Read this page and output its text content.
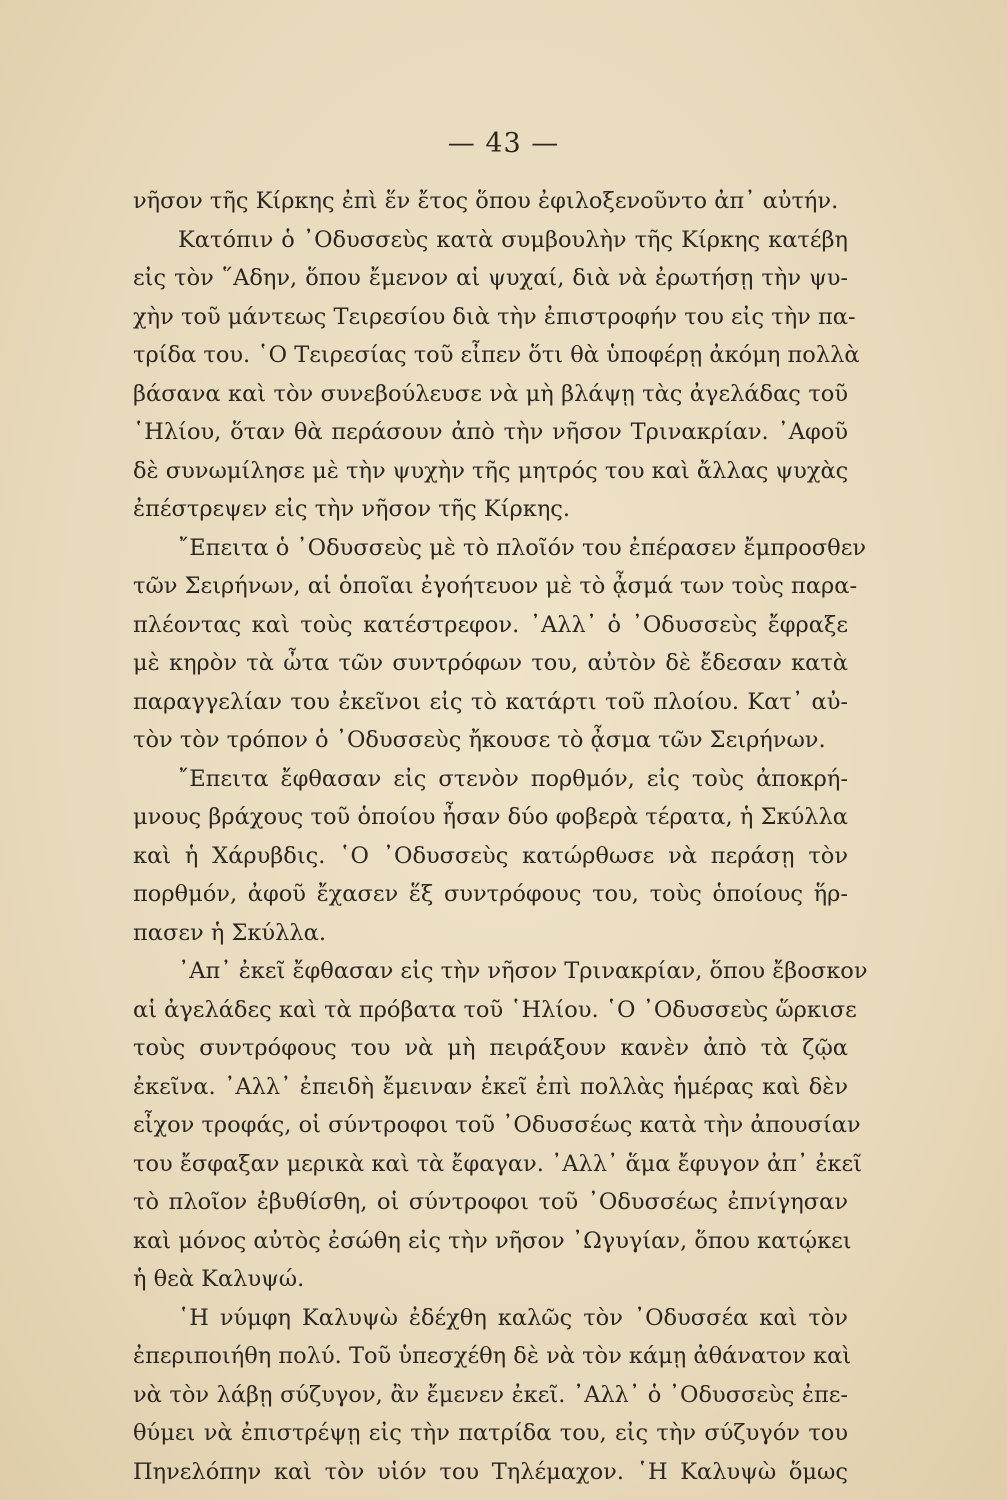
— 43 —
νῆσον τῆς Κίρκης ἐπὶ ἕν ἔτος ὅπου ἐφιλοξενοῦντο ἀπ᾽ αὐτήν.
Κατόπιν ὁ ᾿Οδυσσεὺς κατὰ συμβουλὴν τῆς Κίρκης κατέβη
εἰς τὸν ῞Αδην, ὅπου ἔμενον αἱ ψυχαί, διὰ νὰ ἐρωτήσῃ τὴν ψυ-
χὴν τοῦ μάντεως Τειρεσίου διὰ τὴν ἐπιστροφήν του εἰς τὴν πα-
τρίδα του. ῾Ο Τειρεσίας τοῦ εἶπεν ὅτι θὰ ὑποφέρῃ ἀκόμη πολλὰ
βάσανα καὶ τὸν συνεβούλευσε νὰ μὴ βλάψῃ τὰς ἀγελάδας τοῦ
῾Ηλίου, ὅταν θὰ περάσουν ἀπὸ τὴν νῆσον Τρινακρίαν. ᾿Αφοῦ
δὲ συνωμίλησε μὲ τὴν ψυχὴν τῆς μητρός του καὶ ἄλλας ψυχὰς
ἐπέστρεψεν εἰς τὴν νῆσον τῆς Κίρκης.
῎Επειτα ὁ ᾿Οδυσσεὺς μὲ τὸ πλοῖόν του ἐπέρασεν ἔμπροσθεν
τῶν Σειρήνων, αἱ ὁποῖαι ἐγοήτευον μὲ τὸ ᾆσμά των τοὺς παρα-
πλέοντας καὶ τοὺς κατέστρεφον. ᾿Αλλ᾽ ὁ ᾿Οδυσσεὺς ἔφραξε
μὲ κηρὸν τὰ ὦτα τῶν συντρόφων του, αὐτὸν δὲ ἔδεσαν κατὰ
παραγγελίαν του ἐκεῖνοι εἰς τὸ κατάρτι τοῦ πλοίου. Κατ᾽ αὐ-
τὸν τὸν τρόπον ὁ ᾿Οδυσσεὺς ἤκουσε τὸ ᾆσμα τῶν Σειρήνων.
῎Επειτα ἔφθασαν εἰς στενὸν πορθμόν, εἰς τοὺς ἀποκρή-
μνους βράχους τοῦ ὁποίου ἦσαν δύο φοβερὰ τέρατα, ἡ Σκύλλα
καὶ ἡ Χάρυβδις. ῾Ο ᾿Οδυσσεὺς κατώρθωσε νὰ περάσῃ τὸν
πορθμόν, ἀφοῦ ἔχασεν ἕξ συντρόφους του, τοὺς ὁποίους ἥρ-
πασεν ἡ Σκύλλα.
᾿Απ᾽ ἐκεῖ ἔφθασαν εἰς τὴν νῆσον Τρινακρίαν, ὅπου ἔβοσκον
αἱ ἀγελάδες καὶ τὰ πρόβατα τοῦ ῾Ηλίου. ῾Ο ᾿Οδυσσεὺς ὥρκισε
τοὺς συντρόφους του νὰ μὴ πειράξουν κανὲν ἀπὸ τὰ ζῷα
ἐκεῖνα. ᾿Αλλ᾽ ἐπειδὴ ἔμειναν ἐκεῖ ἐπὶ πολλὰς ἡμέρας καὶ δὲν
εἶχον τροφάς, οἱ σύντροφοι τοῦ ᾿Οδυσσέως κατὰ τὴν ἀπουσίαν
του ἔσφαξαν μερικὰ καὶ τὰ ἔφαγαν. ᾿Αλλ᾽ ἅμα ἔφυγον ἀπ᾽ ἐκεῖ
τὸ πλοῖον ἐβυθίσθη, οἱ σύντροφοι τοῦ ᾿Οδυσσέως ἐπνίγησαν
καὶ μόνος αὐτὸς ἐσώθη εἰς τὴν νῆσον ᾿Ωγυγίαν, ὅπου κατῴκει
ἡ θεὰ Καλυψώ.
῾Η νύμφη Καλυψὼ ἐδέχθη καλῶς τὸν ᾿Οδυσσέα καὶ τὸν
ἐπεριποιήθη πολύ. Τοῦ ὑπεσχέθη δὲ νὰ τὸν κάμῃ ἀθάνατον καὶ
νὰ τὸν λάβῃ σύζυγον, ἂν ἔμενεν ἐκεῖ. ᾿Αλλ᾽ ὁ ᾿Οδυσσεὺς ἐπε-
θύμει νὰ ἐπιστρέψῃ εἰς τὴν πατρίδα του, εἰς τὴν σύζυγόν του
Πηνελόπην καὶ τὸν υἱόν του Τηλέμαχον. ῾Η Καλυψὼ ὅμως
